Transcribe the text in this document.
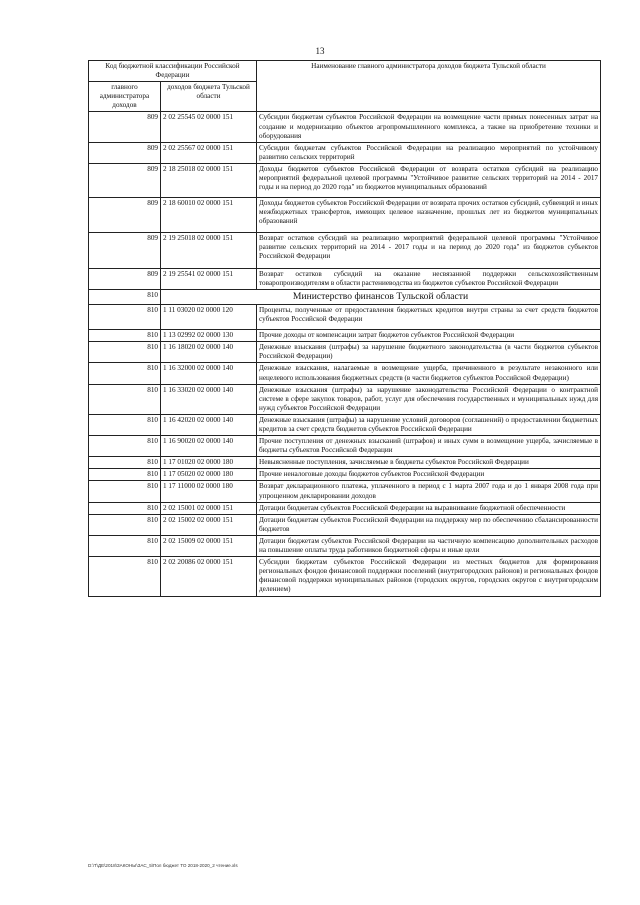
13
Код бюджетной классификации Российской Федерации		Наименование главного администратора доходов бюджета Тульской области
главного администратора доходов	доходов бюджета Тульской области	
809	2 02 25545 02 0000 151	Субсидии бюджетам субъектов Российской Федерации на возмещение части прямых понесенных затрат на создание и модернизацию объектов агропромышленного комплекса, а также на приобретение техники и оборудования
809	2 02 25567 02 0000 151	Субсидии бюджетам субъектов Российской Федерации на реализацию мероприятий по устойчивому развитию сельских территорий
809	2 18 25018 02 0000 151	Доходы бюджетов субъектов Российской Федерации от возврата остатков субсидий на реализацию мероприятий федеральной целевой программы "Устойчивое развитие сельских территорий на 2014 - 2017 годы и на период до 2020 года" из бюджетов муниципальных образований
809	2 18 60010 02 0000 151	Доходы бюджетов субъектов Российской Федерации от возврата прочих остатков субсидий, субвенций и иных межбюджетных трансфертов, имеющих целевое назначение, прошлых лет из бюджетов муниципальных образований
809	2 19 25018 02 0000 151	Возврат остатков субсидий на реализацию мероприятий федеральной целевой программы "Устойчивое развитие сельских территорий на 2014 - 2017 годы и на период до 2020 года" из бюджетов субъектов Российской Федерации
809	2 19 25541 02 0000 151	Возврат остатков субсидий на оказание несвязанной поддержки сельскохозяйственным товаропроизводителям в области растениеводства из бюджетов субъектов Российской Федерации
810	Министерство финансов Тульской области	
810	1 11 03020 02 0000 120	Проценты, полученные от предоставления бюджетных кредитов внутри страны за счет средств бюджетов субъектов Российской Федерации
810	1 13 02992 02 0000 130	Прочие доходы от компенсации затрат бюджетов субъектов Российской Федерации
810	1 16 18020 02 0000 140	Денежные взыскания (штрафы) за нарушение бюджетного законодательства (в части бюджетов субъектов Российской Федерации)
810	1 16 32000 02 0000 140	Денежные взыскания, налагаемые в возмещение ущерба, причиненного в результате незаконного или нецелевого использования бюджетных средств (в части бюджетов субъектов Российской Федерации)
810	1 16 33020 02 0000 140	Денежные взыскания (штрафы) за нарушение законодательства Российской Федерации о контрактной системе в сфере закупок товаров, работ, услуг для обеспечения государственных и муниципальных нужд для нужд субъектов Российской Федерации
810	1 16 42020 02 0000 140	Денежные взыскания (штрафы) за нарушение условий договоров (соглашений) о предоставлении бюджетных кредитов за счет средств бюджетов субъектов Российской Федерации
810	1 16 90020 02 0000 140	Прочие поступления от денежных взысканий (штрафов) и иных сумм в возмещение ущерба, зачисляемые в бюджеты субъектов Российской Федерации
810	1 17 01020 02 0000 180	Невыясненные поступления, зачисляемые в бюджеты субъектов Российской Федерации
810	1 17 05020 02 0000 180	Прочие неналоговые доходы бюджетов субъектов Российской Федерации
810	1 17 11000 02 0000 180	Возврат декларационного платежа, уплаченного в период с 1 марта 2007 года и до 1 января 2008 года при упрощенном декларировании доходов
810	2 02 15001 02 0000 151	Дотации бюджетам субъектов Российской Федерации на выравнивание бюджетной обеспеченности
810	2 02 15002 02 0000 151	Дотации бюджетам субъектов Российской Федерации на поддержку мер по обеспечению сбалансированности бюджетов
810	2 02 15009 02 0000 151	Дотации бюджетам субъектов Российской Федерации на частичную компенсацию дополнительных расходов на повышение оплаты труда работников бюджетной сферы и иные цели
810	2 02 20086 02 0000 151	Субсидии бюджетам субъектов Российской Федерации из местных бюджетов для формирования региональных фондов финансовой поддержки поселений (внутригородских районов) и региональных фондов финансовой поддержки муниципальных районов (городских округов, городских округов с внутригородским делением)
D:\Т\ДЕ\2018\ЗАКОНЫ\ЗАС_5\Пол бюджет ТО 2018-2020_2 чтение.xls
